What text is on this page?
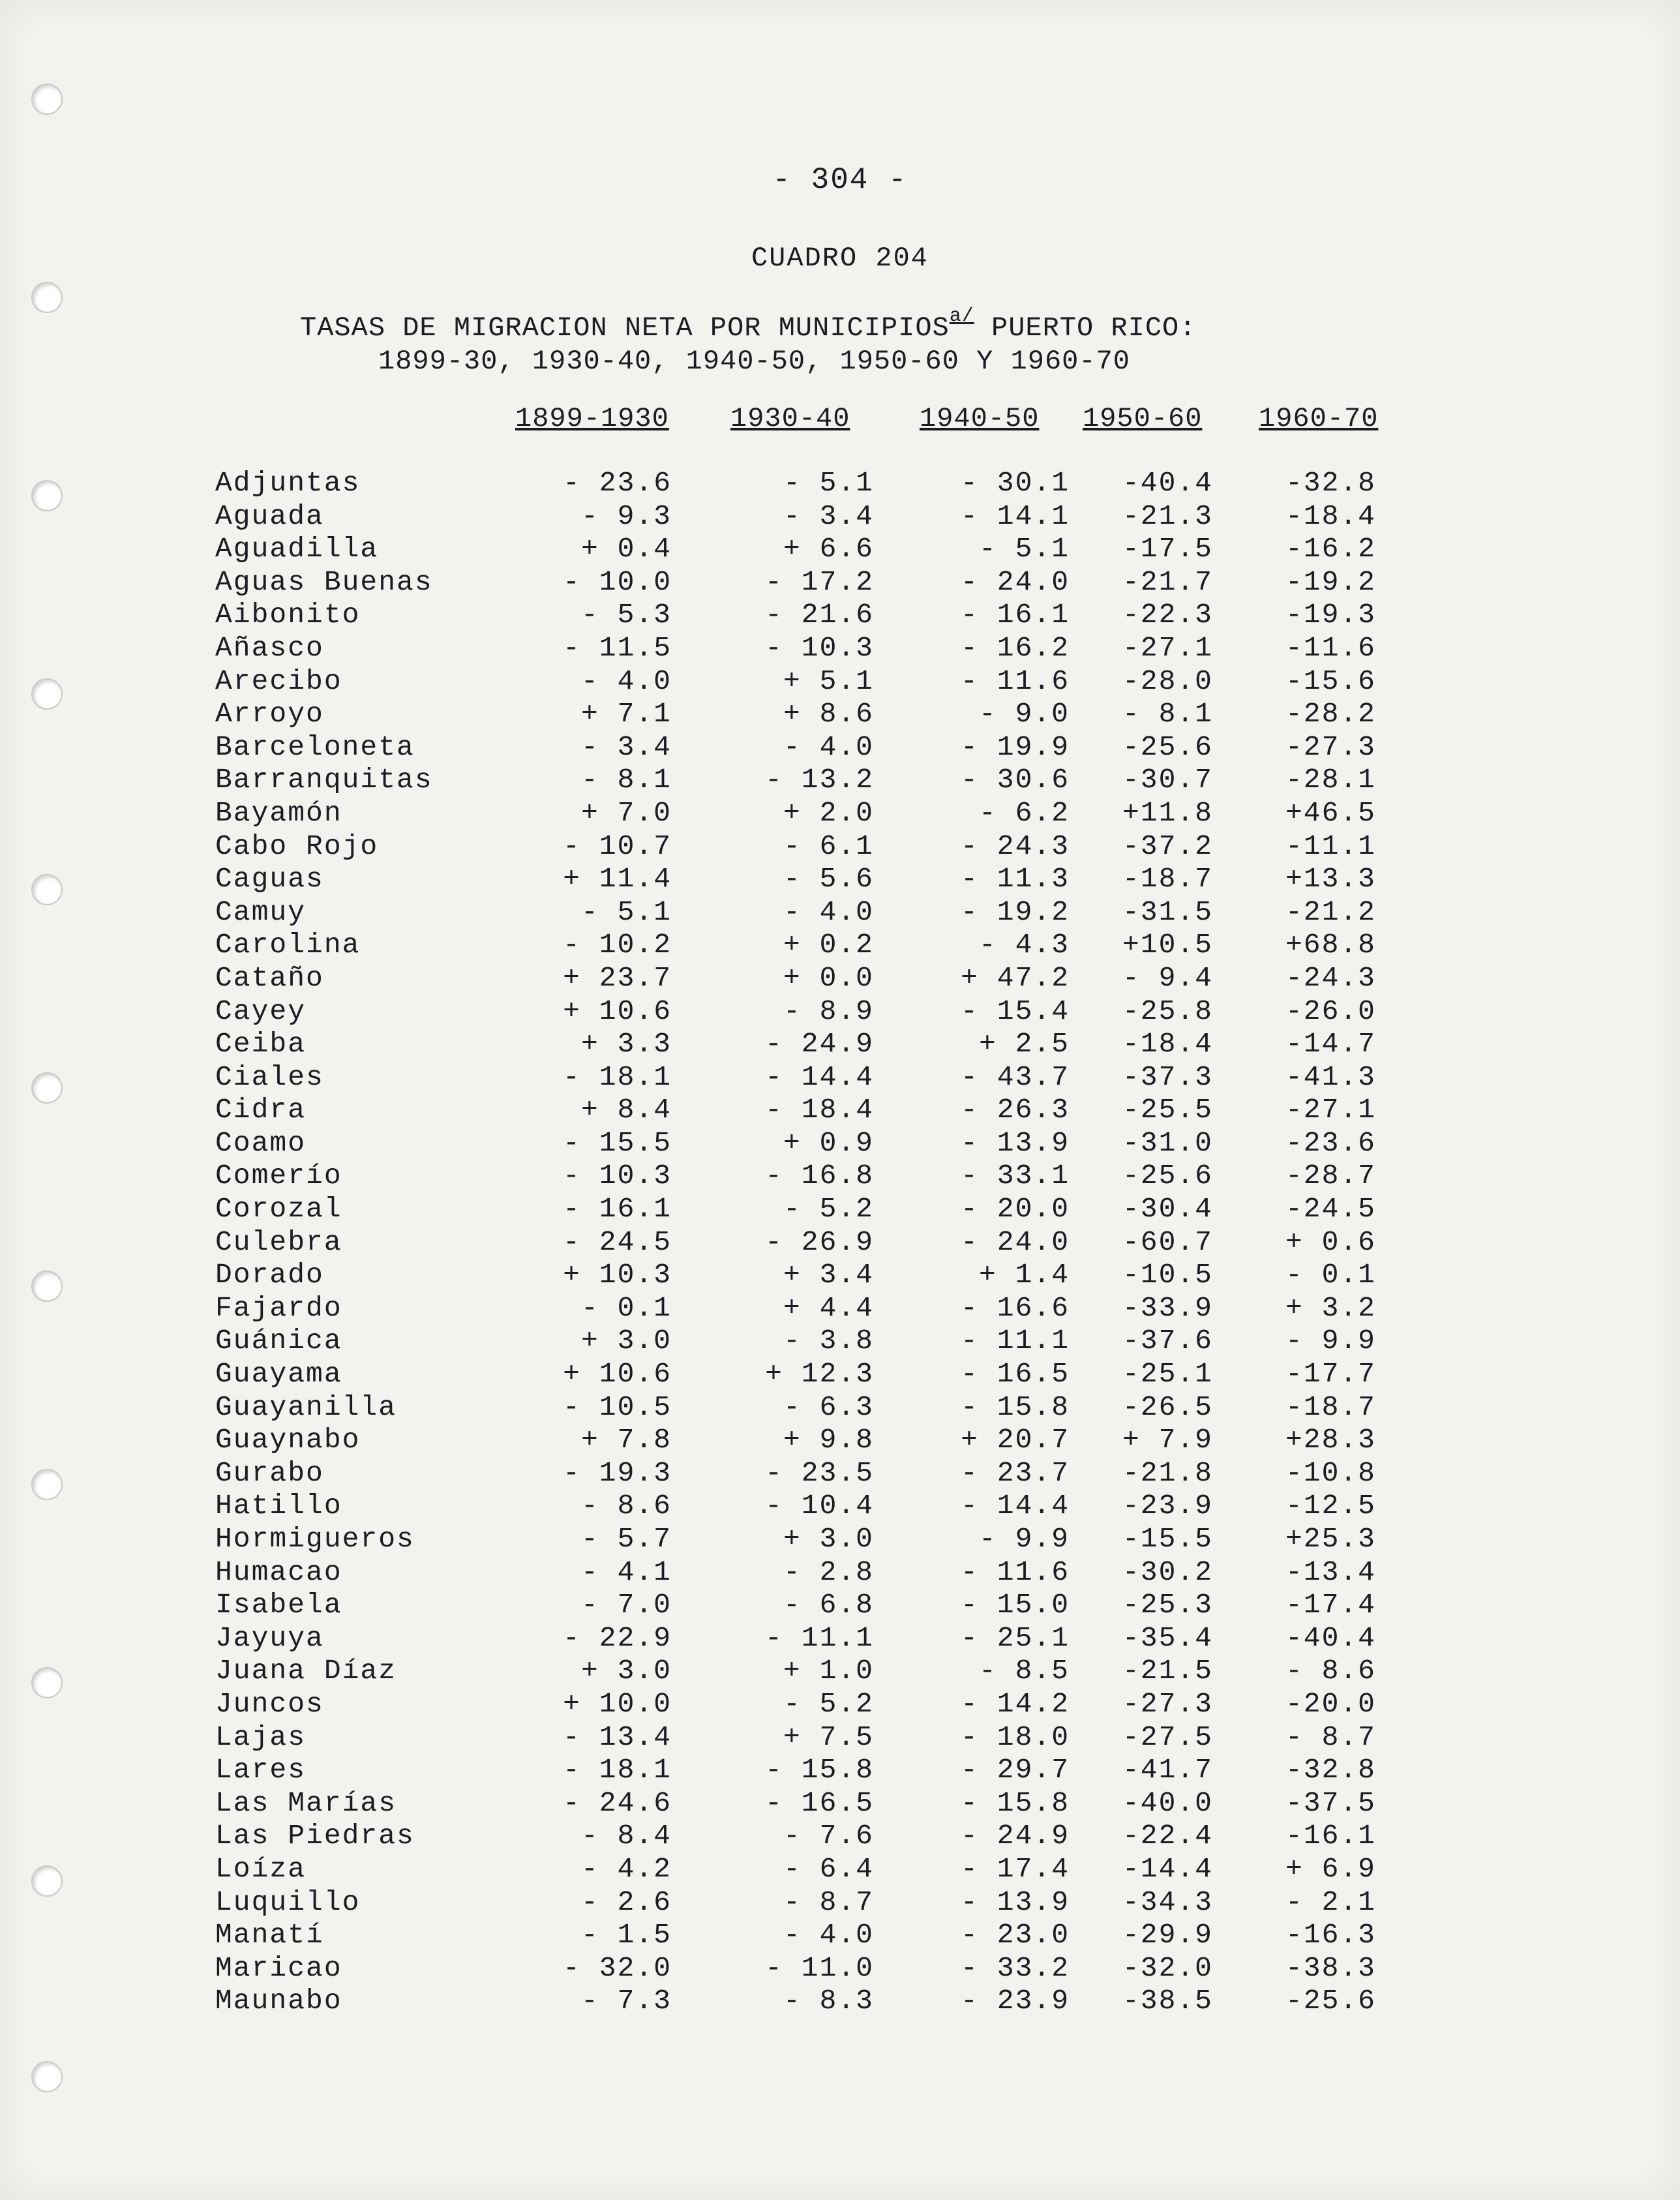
- 304 -
CUADRO 204
TASAS DE MIGRACION NETA POR $MUNICIPIOS^{a/}$ PUERTO RICO:
1899-30, 1930-40, 1940-50, 1950-60 Y 1960-70
1899-1930 1930-40	1940-50 1950-60 1960-70
Adjuntas	- 23.6	- 5.1	- 30.1	-40.4	-32.8
Aguada	- 9.3	- 3.4	- 14.1	-21.3	-18.4
Aguadilla	+ 0.4	+ 6.6	- 5.1	-17.5	-16.2
Aguas Buenas	- 10.0	- 17.2	- 24.0	-21.7	-19.2
Aibonito	- 5.3	- 21.6	- 16.1	-22.3	-19.3
Añasco	- 11.5	- 10.3	- 16.2	-27.1	-11.6
Arecibo	- 4.0	+ 5.1	- 11.6	-28.0	-15.6
Arroyo	+ 7.1	+ 8.6	- 9.0	- 8.1	-28.2
Barceloneta	- 3.4	- 4.0	- 19.9	-25.6	-27.3
Barranquitas	- 8.1	- 13.2	- 30.6	-30.7	-28.1
Bayamón	+ 7.0	+ 2.0	- 6.2	+11.8	+46.5
Cabo Rojo	- 10.7	- 6.1	- 24.3	-37.2	-11.1
Caguas	+ 11.4	- 5.6	- 11.3	-18.7	+13.3
Camuy	- 5.1	- 4.0	- 19.2	-31.5	-21.2
Carolina	- 10.2	+ 0.2	- 4.3	+10.5	+68.8
Cataño	+ 23.7	+ 0.0	+ 47.2	- 9.4	-24.3
Cayey	+ 10.6	- 8.9	- 15.4	-25.8	-26.0
Ceiba	+ 3.3	- 24.9	+ 2.5	-18.4	-14.7
Ciales	- 18.1	- 14.4	- 43.7	-37.3	-41.3
Cidra	+ 8.4	- 18.4	- 26.3	-25.5	-27.1
Coamo	- 15.5	+ 0.9	- 13.9	-31.0	-23.6
Comerío	- 10.3	- 16.8	- 33.1	-25.6	-28.7
Corozal	- 16.1	- 5.2	- 20.0	-30.4	-24.5
Culebra	- 24.5	- 26.9	- 24.0	-60.7	+ 0.6
Dorado	+ 10.3	+ 3.4	+ 1.4	-10.5	- 0.1
Fajardo	- 0.1	+ 4.4	- 16.6	-33.9	+ 3.2
Guánica	+ 3.0	- 3.8	- 11.1	-37.6	- 9.9
Guayama	+ 10.6	+ 12.3	- 16.5	-25.1	-17.7
Guayanilla	- 10.5	- 6.3	- 15.8	-26.5	-18.7
Guaynabo	+ 7.8	+ 9.8	+ 20.7	+ 7.9	+28.3
Gurabo	- 19.3	- 23.5	- 23.7	-21.8	-10.8
Hatillo	- 8.6	- 10.4	- 14.4	-23.9	-12.5
Hormigueros	- 5.7	+ 3.0	- 9.9	-15.5	+25.3
Humacao	- 4.1	- 2.8	- 11.6	-30.2	-13.4
Isabela	- 7.0	- 6.8	- 15.0	-25.3	-17.4
Jayuya	- 22.9	- 11.1	- 25.1	-35.4	-40.4
Juana Díaz	+ 3.0	+ 1.0	- 8.5	-21.5	- 8.6
Juncos	+ 10.0	- 5.2	- 14.2	-27.3	-20.0
Lajas	- 13.4	+ 7.5	- 18.0	-27.5	- 8.7
Lares	- 18.1	- 15.8	- 29.7	-41.7	-32.8
Las Marías	- 24.6	- 16.5	- 15.8	-40.0	-37.5
Las Piedras	- 8.4	- 7.6	- 24.9	-22.4	-16.1
Loíza	- 4.2	- 6.4	- 17.4	-14.4	+ 6.9
Luquillo	- 2.6	- 8.7	- 13.9	-34.3	- 2.1
Manatí	- 1.5	- 4.0	- 23.0	-29.9	-16.3
Maricao	- 32.0	- 11.0	- 33.2	-32.0	-38.3
Maunabo	- 7.3	- 8.3	- 23.9	-38.5	-25.6
